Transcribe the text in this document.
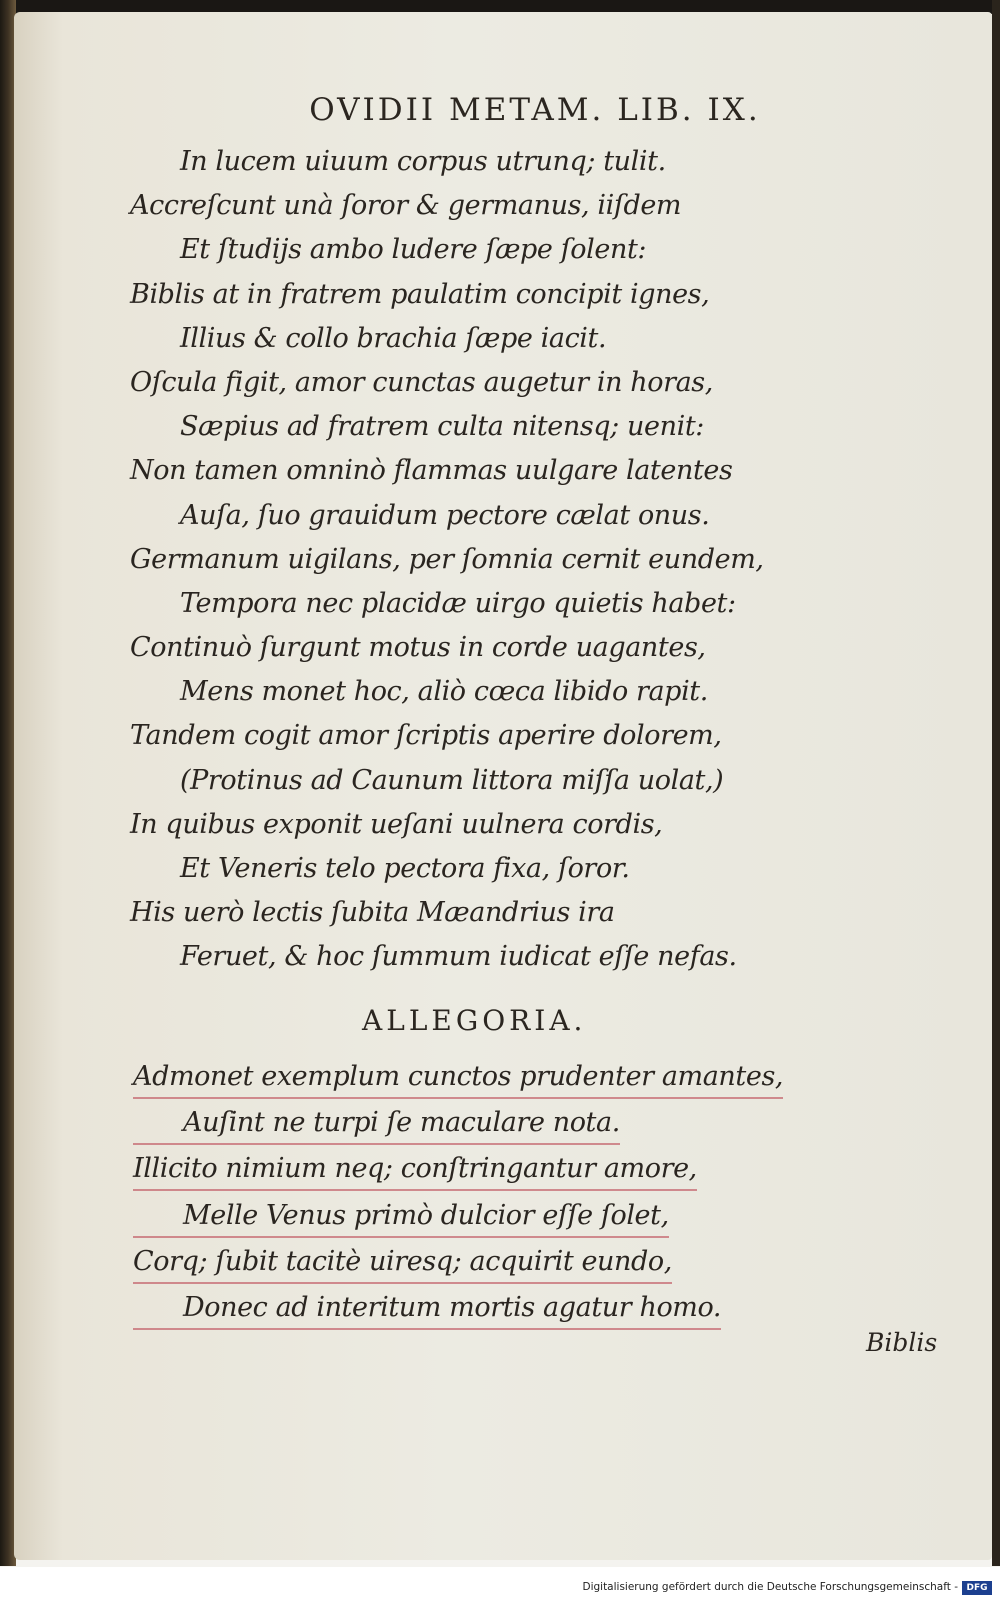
OVIDII METAM. LIB. IX.
In lucem uiuum corpus utrunq; tulit.
Accreſcunt unà ſoror & germanus, iiſdem
Et ſtudijs ambo ludere ſæpe ſolent:
Biblis at in fratrem paulatim concipit ignes,
Illius & collo brachia ſæpe iacit.
Oſcula figit, amor cunctas augetur in horas,
Sæpius ad fratrem culta nitensq; uenit:
Non tamen omninò flammas uulgare latentes
Auſa, ſuo grauidum pectore cælat onus.
Germanum uigilans, per ſomnia cernit eundem,
Tempora nec placidæ uirgo quietis habet:
Continuò ſurgunt motus in corde uagantes,
Mens monet hoc, aliò cœca libido rapit.
Tandem cogit amor ſcriptis aperire dolorem,
(Protinus ad Caunum littora miſſa uolat,)
In quibus exponit ueſani uulnera cordis,
Et Veneris telo pectora fixa, ſoror.
His uerò lectis ſubita Mæandrius ira
Feruet, & hoc ſummum iudicat eſſe nefas.
ALLEGORIA.
Admonet exemplum cunctos prudenter amantes,
Auſint ne turpi ſe maculare nota.
Illicito nimium neq; conſtringantur amore,
Melle Venus primò dulcior eſſe ſolet,
Corq; ſubit tacitè uiresq; acquirit eundo,
Donec ad interitum mortis agatur homo.
Biblis
Digitalisierung gefördert durch die Deutsche Forschungsgemeinschaft - DFG
